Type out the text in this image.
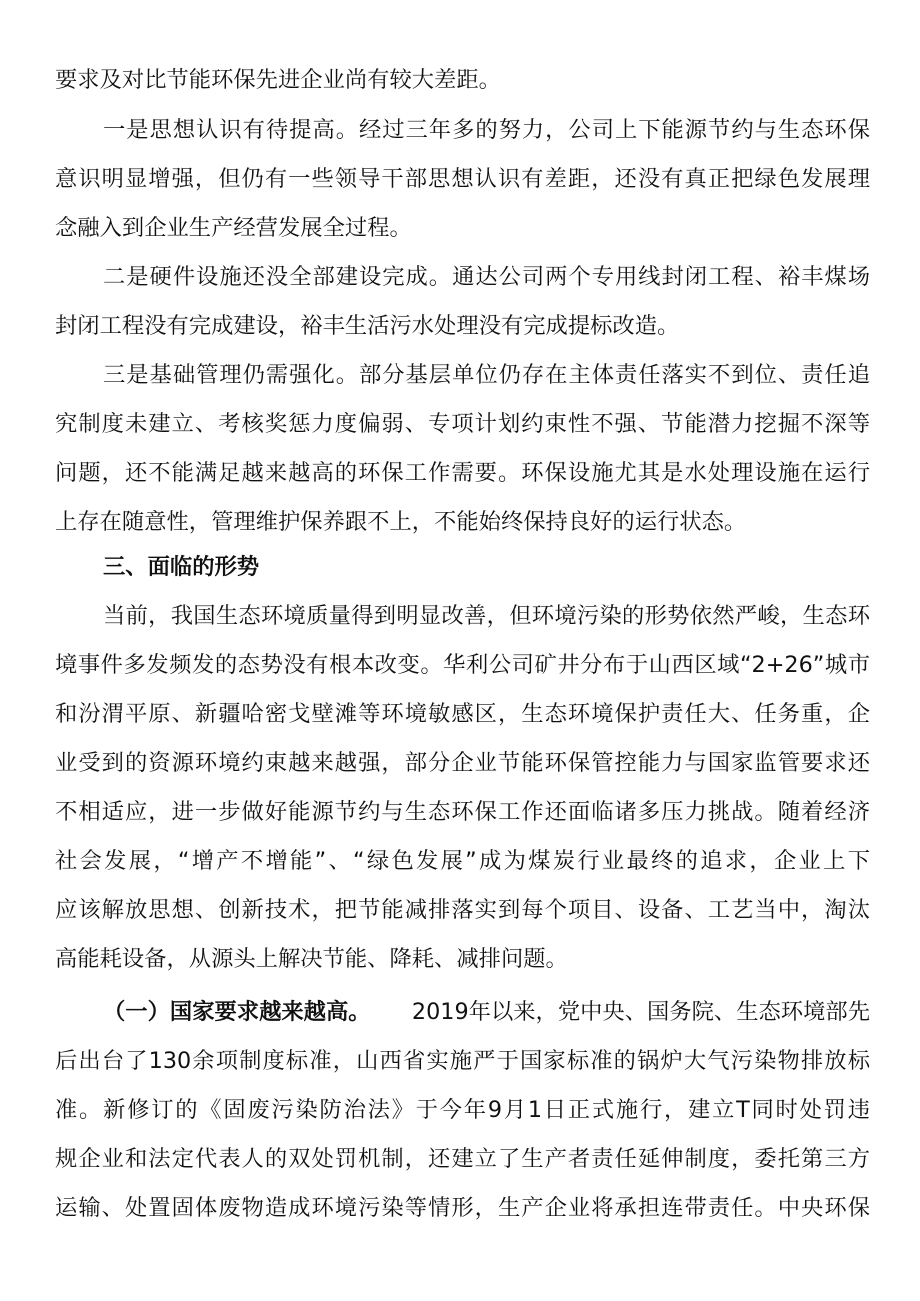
要求及对比节能环保先进企业尚有较大差距。
一是思想认识有待提高。经过三年多的努力，公司上下能源节约与生态环保
意识明显增强，但仍有一些领导干部思想认识有差距，还没有真正把绿色发展理
念融入到企业生产经营发展全过程。
二是硬件设施还没全部建设完成。通达公司两个专用线封闭工程、裕丰煤场
封闭工程没有完成建设，裕丰生活污水处理没有完成提标改造。
三是基础管理仍需强化。部分基层单位仍存在主体责任落实不到位、责任追
究制度未建立、考核奖惩力度偏弱、专项计划约束性不强、节能潜力挖掘不深等
问题，还不能满足越来越高的环保工作需要。环保设施尤其是水处理设施在运行
上存在随意性，管理维护保养跟不上，不能始终保持良好的运行状态。
三、面临的形势
当前，我国生态环境质量得到明显改善，但环境污染的形势依然严峻，生态环
境事件多发频发的态势没有根本改变。华利公司矿井分布于山西区域“2+26”城市
和汾渭平原、新疆哈密戈壁滩等环境敏感区，生态环境保护责任大、任务重，企
业受到的资源环境约束越来越强，部分企业节能环保管控能力与国家监管要求还
不相适应，进一步做好能源节约与生态环保工作还面临诸多压力挑战。随着经济
社会发展，“增产不增能”、“绿色发展”成为煤炭行业最终的追求，企业上下
应该解放思想、创新技术，把节能减排落实到每个项目、设备、工艺当中，淘汰
高能耗设备，从源头上解决节能、降耗、减排问题。
（一）国家要求越来越高。 2019年以来，党中央、国务院、生态环境部先
后出台了130余项制度标准，山西省实施严于国家标准的锅炉大气污染物排放标
准。新修订的《固废污染防治法》于今年9月1日正式施行，建立T同时处罚违
规企业和法定代表人的双处罚机制，还建立了生产者责任延伸制度，委托第三方
运输、处置固体废物造成环境污染等情形，生产企业将承担连带责任。中央环保
